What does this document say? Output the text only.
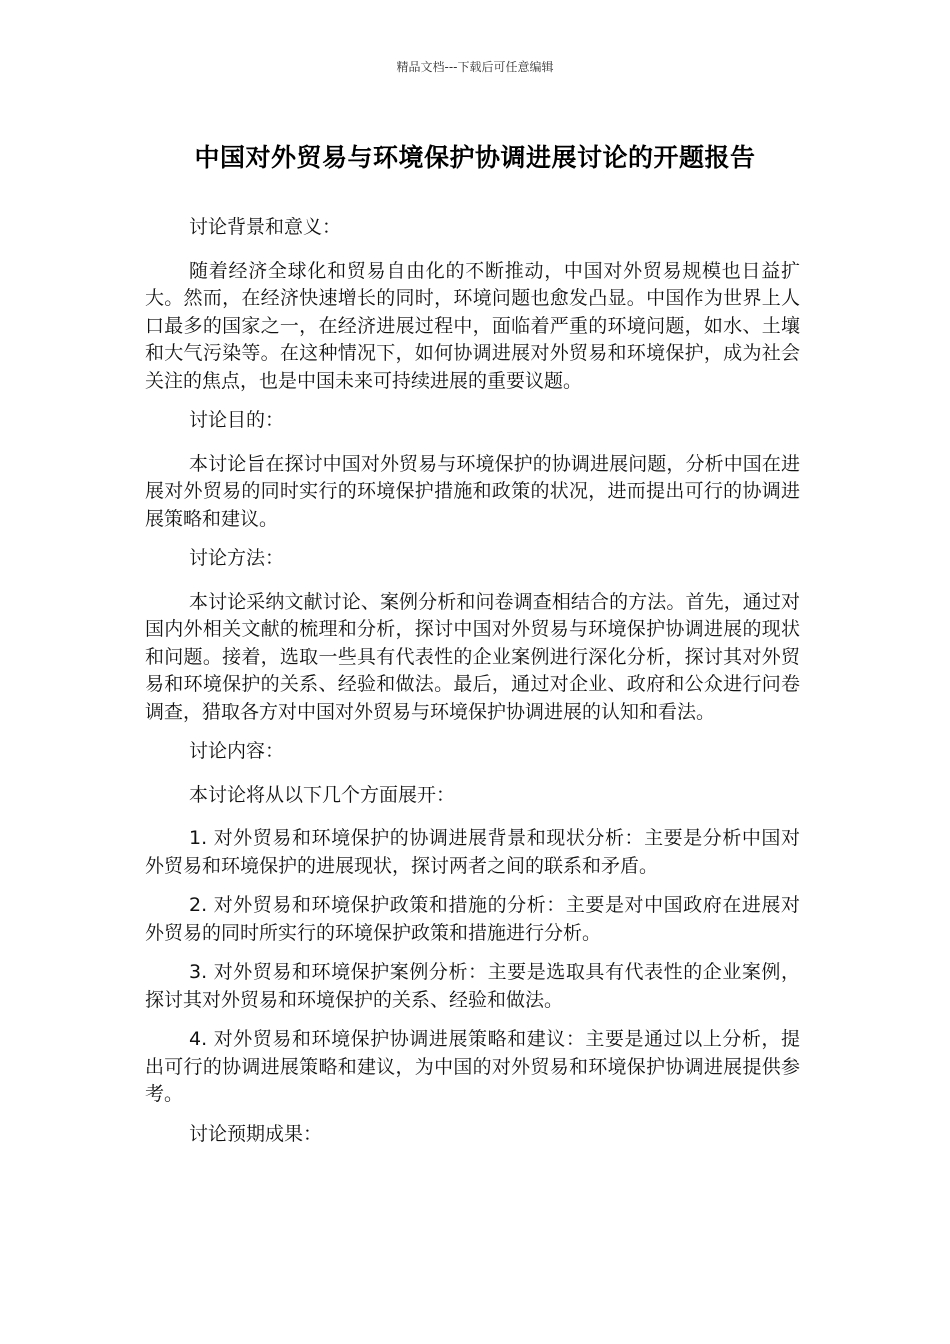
精品文档---下载后可任意编辑
中国对外贸易与环境保护协调进展讨论的开题报告

讨论背景和意义：

随着经济全球化和贸易自由化的不断推动，中国对外贸易规模也日益扩大。然而，在经济快速增长的同时，环境问题也愈发凸显。中国作为世界上人口最多的国家之一，在经济进展过程中，面临着严重的环境问题，如水、土壤和大气污染等。在这种情况下，如何协调进展对外贸易和环境保护，成为社会关注的焦点，也是中国未来可持续进展的重要议题。

讨论目的：

本讨论旨在探讨中国对外贸易与环境保护的协调进展问题，分析中国在进展对外贸易的同时实行的环境保护措施和政策的状况，进而提出可行的协调进展策略和建议。

讨论方法：

本讨论采纳文献讨论、案例分析和问卷调查相结合的方法。首先，通过对国内外相关文献的梳理和分析，探讨中国对外贸易与环境保护协调进展的现状和问题。接着，选取一些具有代表性的企业案例进行深化分析，探讨其对外贸易和环境保护的关系、经验和做法。最后，通过对企业、政府和公众进行问卷调查，猎取各方对中国对外贸易与环境保护协调进展的认知和看法。

讨论内容：

本讨论将从以下几个方面展开：

1. 对外贸易和环境保护的协调进展背景和现状分析：主要是分析中国对外贸易和环境保护的进展现状，探讨两者之间的联系和矛盾。

2. 对外贸易和环境保护政策和措施的分析：主要是对中国政府在进展对外贸易的同时所实行的环境保护政策和措施进行分析。

3. 对外贸易和环境保护案例分析：主要是选取具有代表性的企业案例，探讨其对外贸易和环境保护的关系、经验和做法。

4. 对外贸易和环境保护协调进展策略和建议：主要是通过以上分析，提出可行的协调进展策略和建议，为中国的对外贸易和环境保护协调进展提供参考。

讨论预期成果：
